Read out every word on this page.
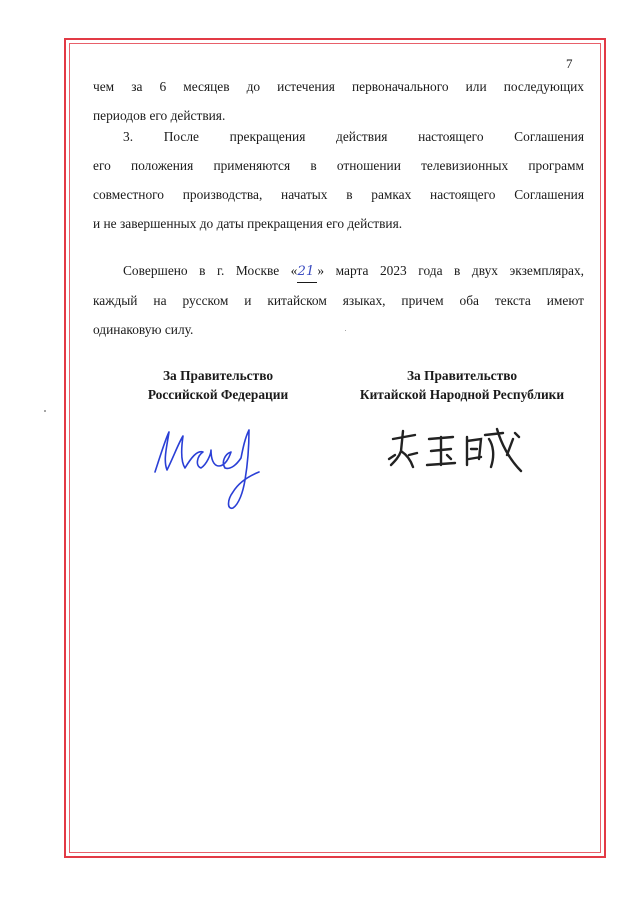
7
чем за 6 месяцев до истечения первоначального или последующих
периодов его действия.
3. После прекращения действия настоящего Соглашения
его положения применяются в отношении телевизионных программ
совместного производства, начатых в рамках настоящего Соглашения
и не завершенных до даты прекращения его действия.
Совершено в г. Москве «21 » марта 2023 года в двух экземплярах,
каждый на русском и китайском языках, причем оба текста имеют
одинаковую силу.
За Правительство
Российской Федерации
За Правительство
Китайской Народной Республики
